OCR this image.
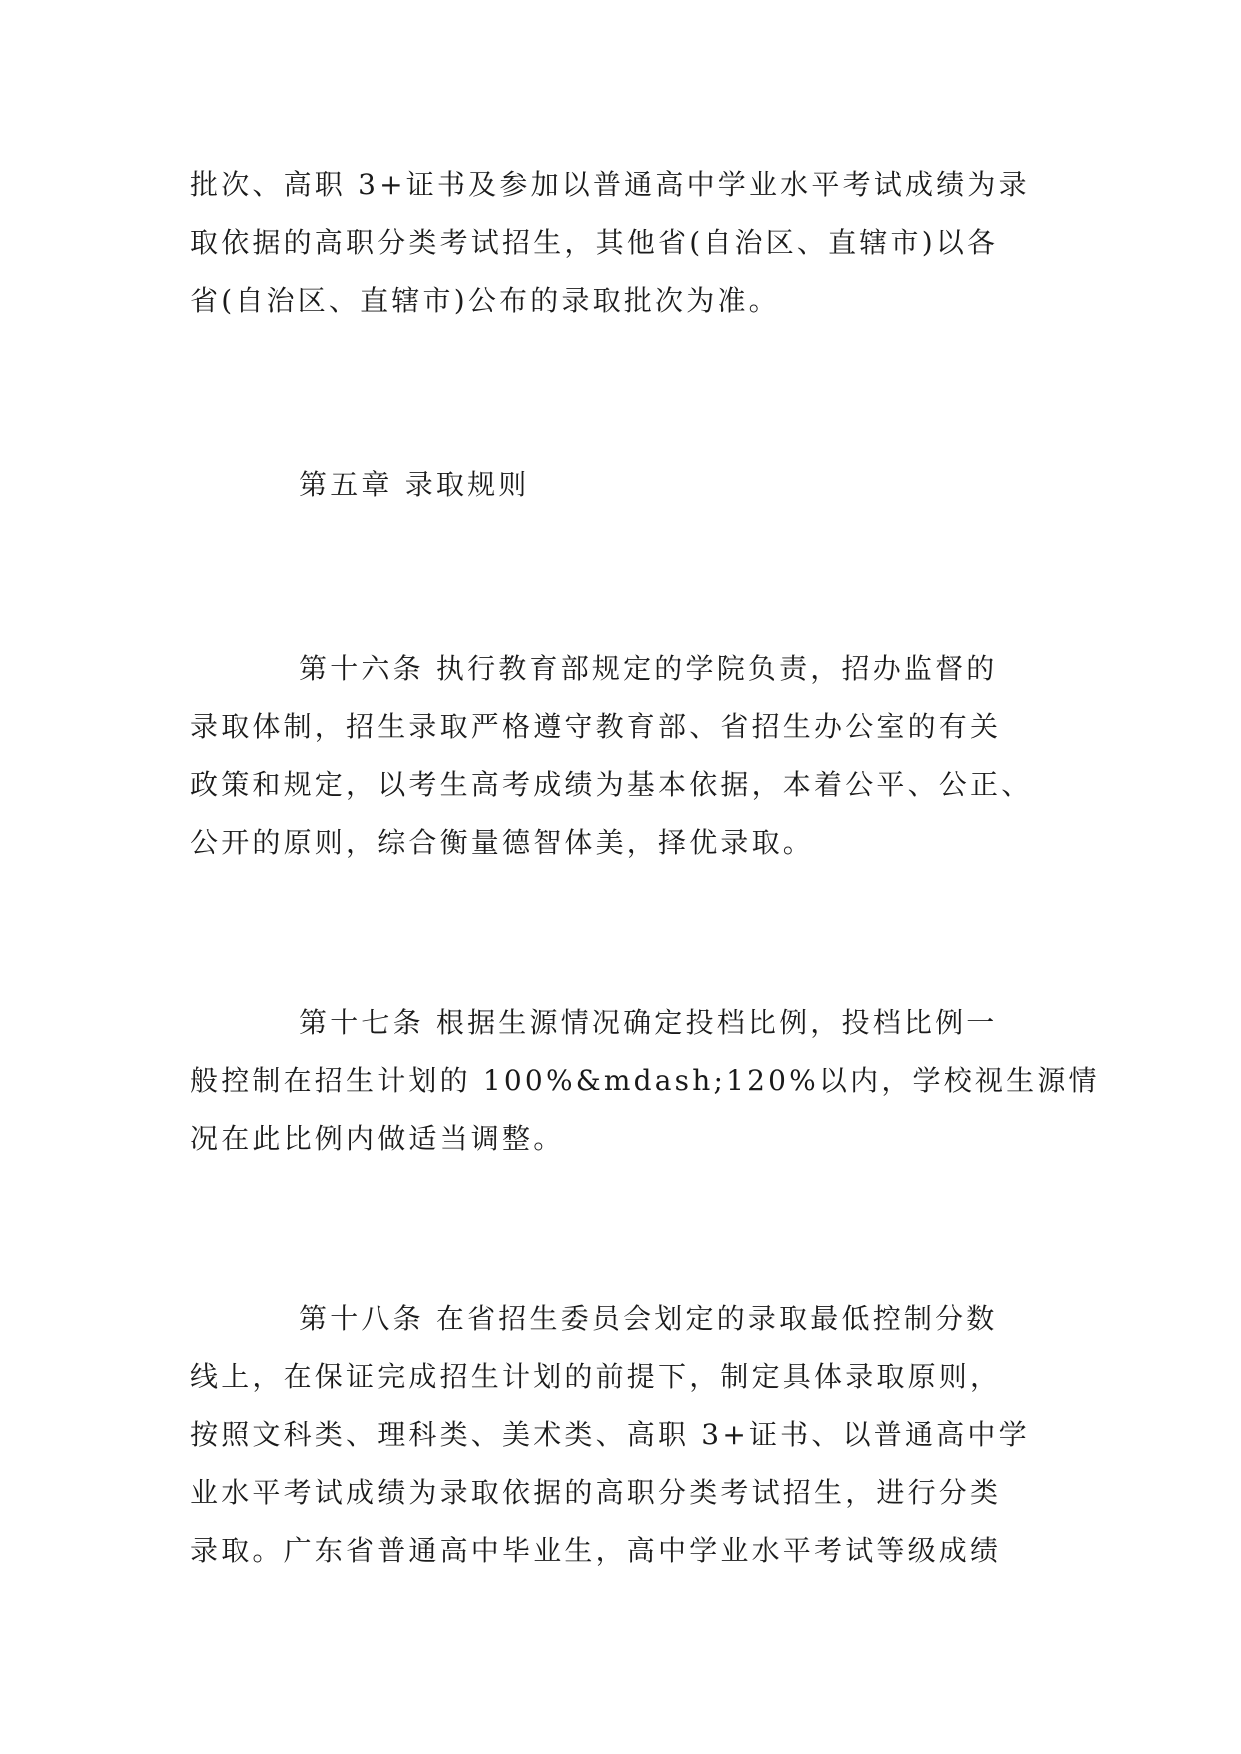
批次、高职 3+证书及参加以普通高中学业水平考试成绩为录
取依据的高职分类考试招生，其他省(自治区、直辖市)以各
省(自治区、直辖市)公布的录取批次为准。
第五章 录取规则
第十六条 执行教育部规定的学院负责，招办监督的
录取体制，招生录取严格遵守教育部、省招生办公室的有关
政策和规定，以考生高考成绩为基本依据，本着公平、公正、
公开的原则，综合衡量德智体美，择优录取。
第十七条 根据生源情况确定投档比例，投档比例一
般控制在招生计划的 100%&mdash;120%以内，学校视生源情
况在此比例内做适当调整。
第十八条 在省招生委员会划定的录取最低控制分数
线上，在保证完成招生计划的前提下，制定具体录取原则，
按照文科类、理科类、美术类、高职 3+证书、以普通高中学
业水平考试成绩为录取依据的高职分类考试招生，进行分类
录取。广东省普通高中毕业生，高中学业水平考试等级成绩
